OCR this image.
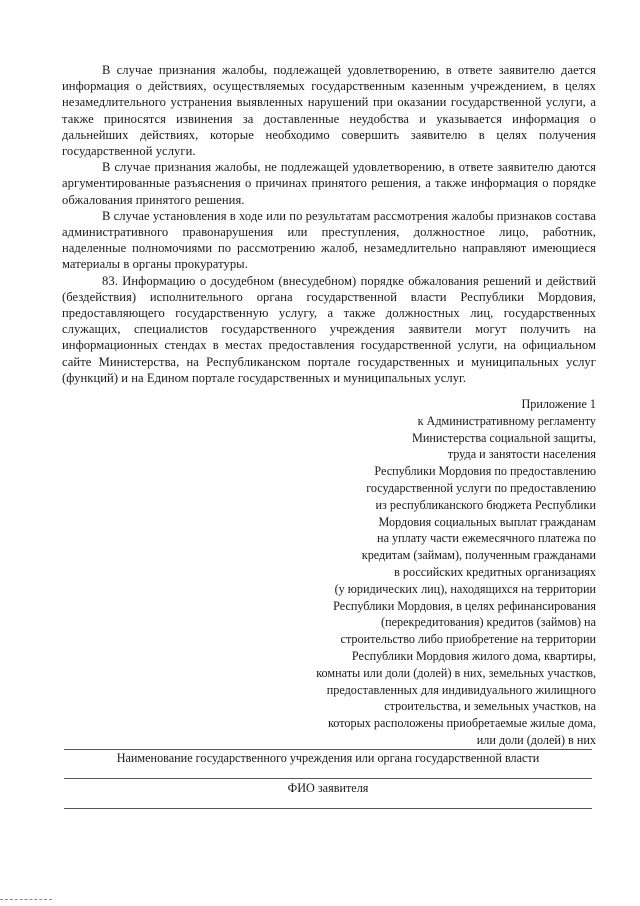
В случае признания жалобы, подлежащей удовлетворению, в ответе заявителю дается информация о действиях, осуществляемых государственным казенным учреждением, в целях незамедлительного устранения выявленных нарушений при оказании государственной услуги, а также приносятся извинения за доставленные неудобства и указывается информация о дальнейших действиях, которые необходимо совершить заявителю в целях получения государственной услуги.

В случае признания жалобы, не подлежащей удовлетворению, в ответе заявителю даются аргументированные разъяснения о причинах принятого решения, а также информация о порядке обжалования принятого решения.

В случае установления в ходе или по результатам рассмотрения жалобы признаков состава административного правонарушения или преступления, должностное лицо, работник, наделенные полномочиями по рассмотрению жалоб, незамедлительно направляют имеющиеся материалы в органы прокуратуры.

83. Информацию о досудебном (внесудебном) порядке обжалования решений и действий (бездействия) исполнительного органа государственной власти Республики Мордовия, предоставляющего государственную услугу, а также должностных лиц, государственных служащих, специалистов государственного учреждения заявители могут получить на информационных стендах в местах предоставления государственной услуги, на официальном сайте Министерства, на Республиканском портале государственных и муниципальных услуг (функций) и на Едином портале государственных и муниципальных услуг.

Приложение 1
к Административному регламенту
Министерства социальной защиты,
труда и занятости населения
Республики Мордовия по предоставлению
государственной услуги по предоставлению
из республиканского бюджета Республики
Мордовия социальных выплат гражданам
на уплату части ежемесячного платежа по
кредитам (займам), полученным гражданами
в российских кредитных организациях
(у юридических лиц), находящихся на территории
Республики Мордовия, в целях рефинансирования
(перекредитования) кредитов (займов) на
строительство либо приобретение на территории
Республики Мордовия жилого дома, квартиры,
комнаты или доли (долей) в них, земельных участков,
предоставленных для индивидуального жилищного
строительства, и земельных участков, на
которых расположены приобретаемые жилые дома,
или доли (долей) в них
Наименование государственного учреждения или органа государственной власти
ФИО заявителя
